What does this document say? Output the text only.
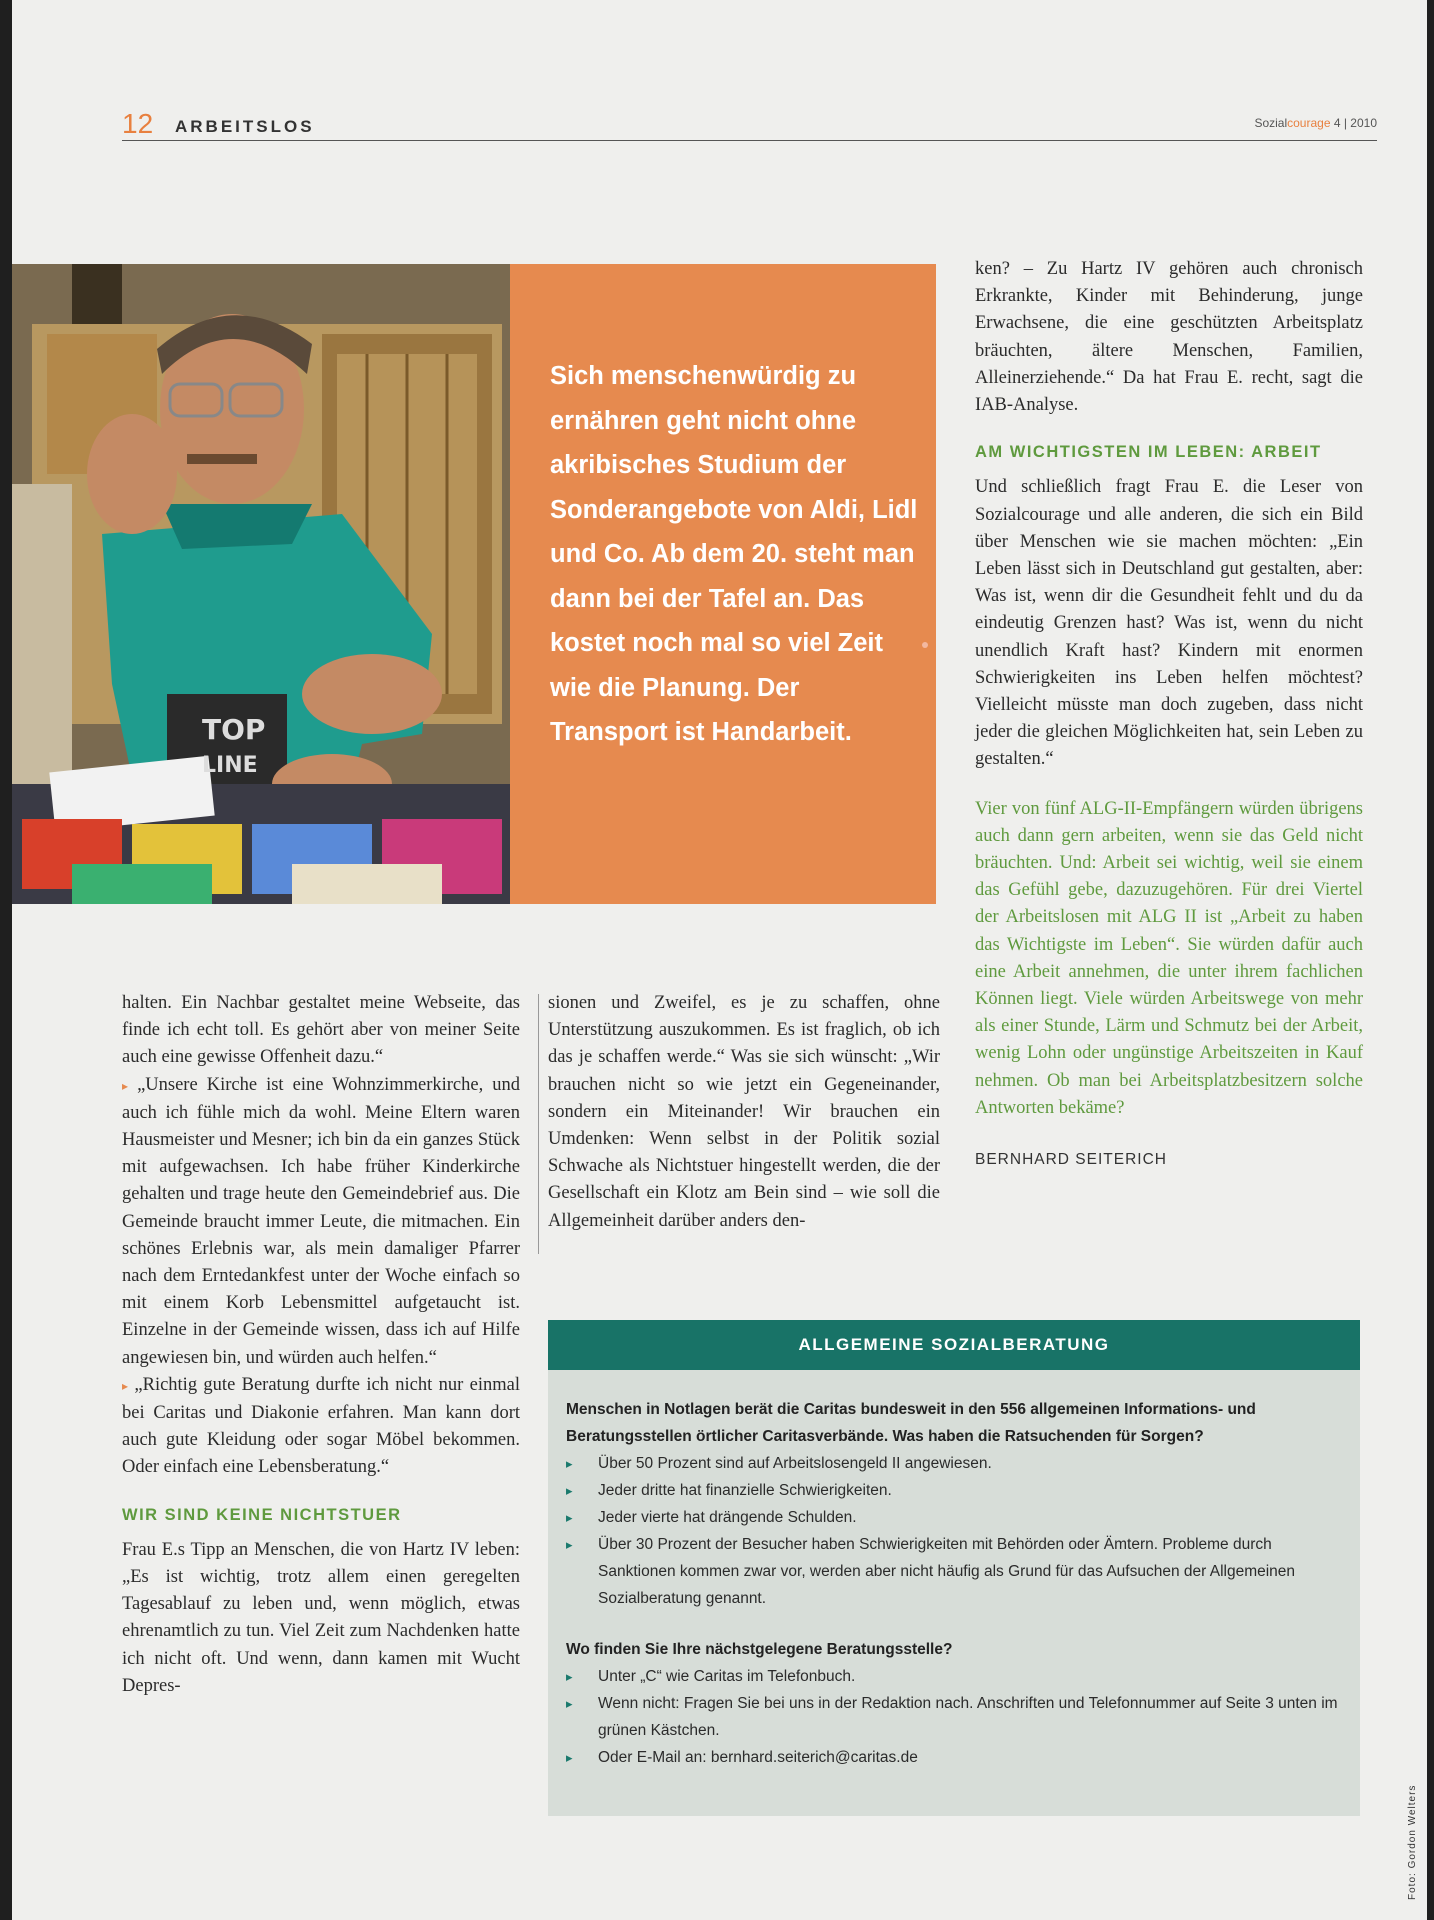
12 ARBEITSLOS	Sozialcourage 4 | 2010
TOP
LINE

Sich menschenwürdig zu ernähren geht nicht ohne akribisches Studium der Sonderangebote von Aldi, Lidl und Co. Ab dem 20. steht man dann bei der Tafel an. Das kostet noch mal so viel Zeit wie die Planung. Der Transport ist Handarbeit.

halten. Ein Nachbar gestaltet meine Webseite, das finde ich echt toll. Es gehört aber von meiner Seite auch eine gewisse Offenheit dazu.“

▸ „Unsere Kirche ist eine Wohnzimmerkirche, und auch ich fühle mich da wohl. Meine Eltern waren Hausmeister und Mesner; ich bin da ein ganzes Stück mit aufgewachsen. Ich habe früher Kinderkirche gehalten und trage heute den Gemeindebrief aus. Die Gemeinde braucht immer Leute, die mitmachen. Ein schönes Erlebnis war, als mein damaliger Pfarrer nach dem Erntedankfest unter der Woche einfach so mit einem Korb Lebensmittel aufgetaucht ist. Einzelne in der Gemeinde wissen, dass ich auf Hilfe angewiesen bin, und würden auch helfen.“

▸ „Richtig gute Beratung durfte ich nicht nur einmal bei Caritas und Diakonie erfahren. Man kann dort auch gute Kleidung oder sogar Möbel bekommen. Oder einfach eine Lebensberatung.“

WIR SIND KEINE NICHTSTUER

Frau E.s Tipp an Menschen, die von Hartz IV leben: „Es ist wichtig, trotz allem einen geregelten Tagesablauf zu leben und, wenn möglich, etwas ehrenamtlich zu tun. Viel Zeit zum Nachdenken hatte ich nicht oft. Und wenn, dann kamen mit Wucht Depres-

sionen und Zweifel, es je zu schaffen, ohne Unterstützung auszukommen. Es ist fraglich, ob ich das je schaffen werde.“ Was sie sich wünscht: „Wir brauchen nicht so wie jetzt ein Gegeneinander, sondern ein Miteinander! Wir brauchen ein Umdenken: Wenn selbst in der Politik sozial Schwache als Nichtstuer hingestellt werden, die der Gesellschaft ein Klotz am Bein sind – wie soll die Allgemeinheit darüber anders den-

ken? – Zu Hartz IV gehören auch chronisch Erkrankte, Kinder mit Behinderung, junge Erwachsene, die eine geschützten Arbeitsplatz bräuchten, ältere Menschen, Familien, Alleinerziehende.“ Da hat Frau E. recht, sagt die IAB-Analyse.

AM WICHTIGSTEN IM LEBEN: ARBEIT

Und schließlich fragt Frau E. die Leser von Sozialcourage und alle anderen, die sich ein Bild über Menschen wie sie machen möchten: „Ein Leben lässt sich in Deutschland gut gestalten, aber: Was ist, wenn dir die Gesundheit fehlt und du da eindeutig Grenzen hast? Was ist, wenn du nicht unendlich Kraft hast? Kindern mit enormen Schwierigkeiten ins Leben helfen möchtest? Vielleicht müsste man doch zugeben, dass nicht jeder die gleichen Möglichkeiten hat, sein Leben zu gestalten.“

Vier von fünf ALG-II-Empfängern würden übrigens auch dann gern arbeiten, wenn sie das Geld nicht bräuchten. Und: Arbeit sei wichtig, weil sie einem das Gefühl gebe, dazuzugehören. Für drei Viertel der Arbeitslosen mit ALG II ist „Arbeit zu haben das Wichtigste im Leben“. Sie würden dafür auch eine Arbeit annehmen, die unter ihrem fachlichen Können liegt. Viele würden Arbeitswege von mehr als einer Stunde, Lärm und Schmutz bei der Arbeit, wenig Lohn oder ungünstige Arbeitszeiten in Kauf nehmen. Ob man bei Arbeitsplatzbesitzern solche Antworten bekäme?

BERNHARD SEITERICH

ALLGEMEINE SOZIALBERATUNG

Menschen in Notlagen berät die Caritas bundesweit in den 556 allgemeinen Informations- und Beratungsstellen örtlicher Caritasverbände. Was haben die Ratsuchenden für Sorgen?

▸ Über 50 Prozent sind auf Arbeitslosengeld II angewiesen.
▸ Jeder dritte hat finanzielle Schwierigkeiten.
▸ Jeder vierte hat drängende Schulden.
▸ Über 30 Prozent der Besucher haben Schwierigkeiten mit Behörden oder Ämtern. Probleme durch Sanktionen kommen zwar vor, werden aber nicht häufig als Grund für das Aufsuchen der Allgemeinen Sozialberatung genannt.

Wo finden Sie Ihre nächstgelegene Beratungsstelle?

▸ Unter „C“ wie Caritas im Telefonbuch.
▸ Wenn nicht: Fragen Sie bei uns in der Redaktion nach. Anschriften und Telefonnummer auf Seite 3 unten im grünen Kästchen.
▸ Oder E-Mail an: bernhard.seiterich@caritas.de
Foto: Gordon Welters
